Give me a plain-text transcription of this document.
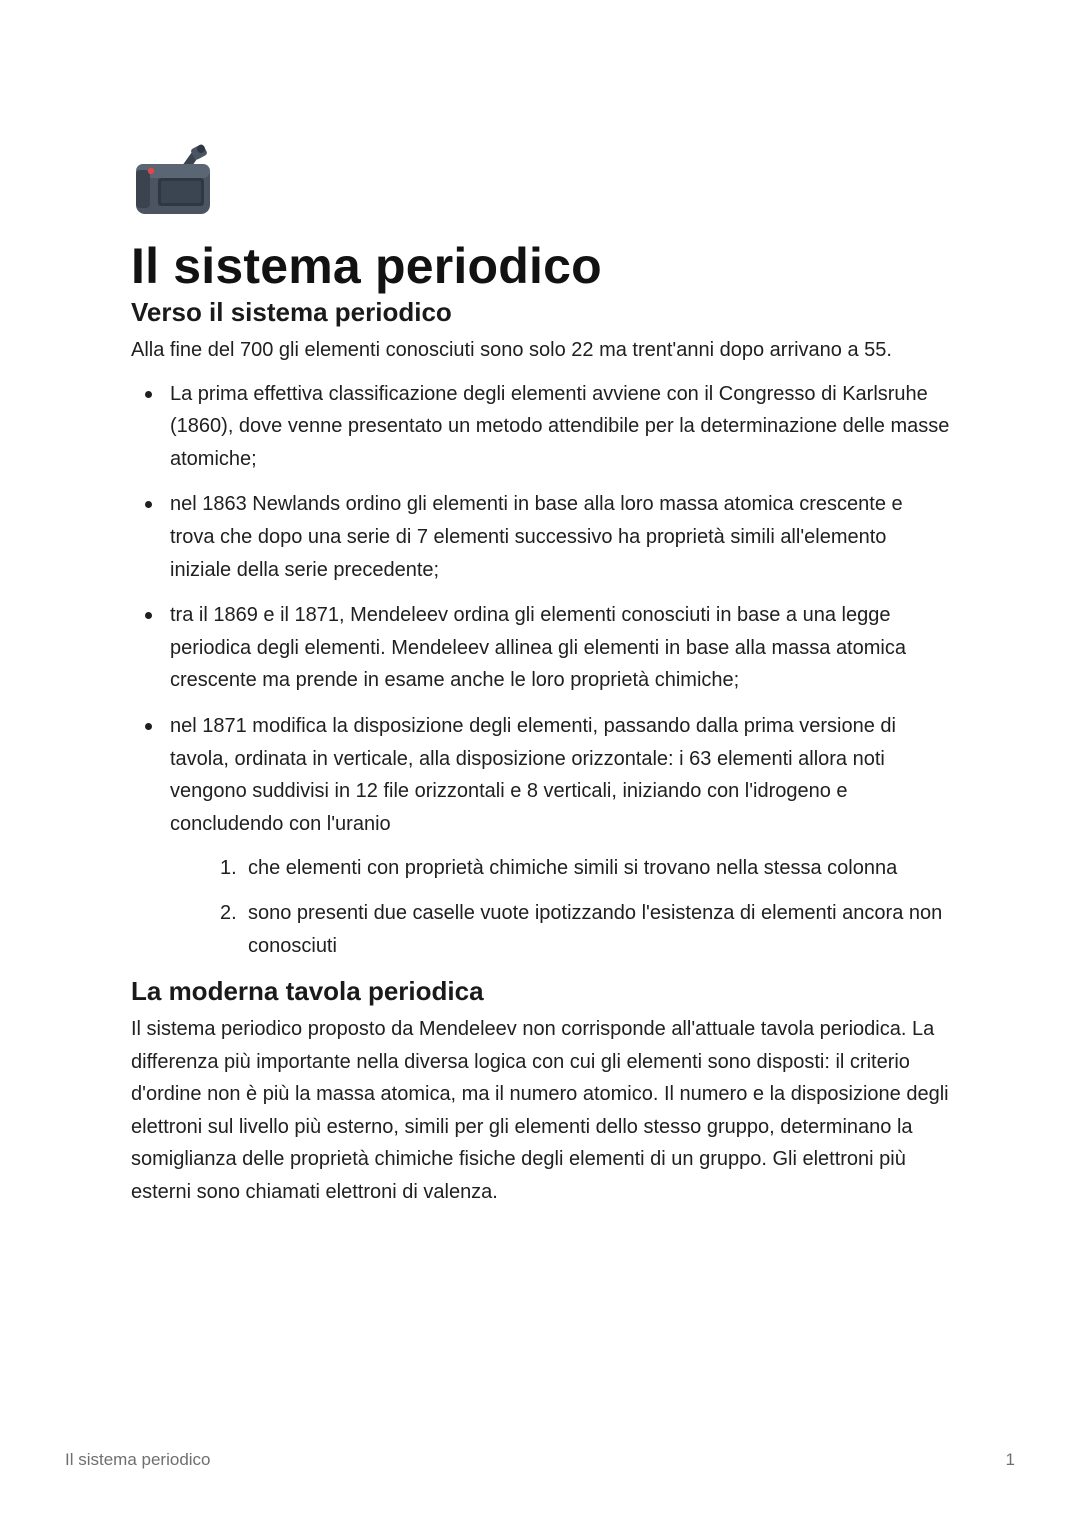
Il sistema periodico
Verso il sistema periodico

Alla fine del 700 gli elementi conosciuti sono solo 22 ma trent'anni dopo arrivano a 55.

La prima effettiva classificazione degli elementi avviene con il Congresso di Karlsruhe (1860), dove venne presentato un metodo attendibile per la determinazione delle masse atomiche;
nel 1863 Newlands ordino gli elementi in base alla loro massa atomica crescente e trova che dopo una serie di 7 elementi successivo ha proprietà simili all'elemento iniziale della serie precedente;
tra il 1869 e il 1871, Mendeleev ordina gli elementi conosciuti in base a una legge periodica degli elementi. Mendeleev allinea gli elementi in base alla massa atomica crescente ma prende in esame anche le loro proprietà chimiche;
nel 1871 modifica la disposizione degli elementi, passando dalla prima versione di tavola, ordinata in verticale, alla disposizione orizzontale: i 63 elementi allora noti vengono suddivisi in 12 file orizzontali e 8 verticali, iniziando con l'idrogeno e concludendo con l'uranio
1. che elementi con proprietà chimiche simili si trovano nella stessa colonna
2. sono presenti due caselle vuote ipotizzando l'esistenza di elementi ancora non conosciuti
La moderna tavola periodica

Il sistema periodico proposto da Mendeleev non corrisponde all'attuale tavola periodica. La differenza più importante nella diversa logica con cui gli elementi sono disposti: il criterio d'ordine non è più la massa atomica, ma il numero atomico. Il numero e la disposizione degli elettroni sul livello più esterno, simili per gli elementi dello stesso gruppo, determinano la somiglianza delle proprietà chimiche fisiche degli elementi di un gruppo. Gli elettroni più esterni sono chiamati elettroni di valenza.

Il sistema periodico	1
